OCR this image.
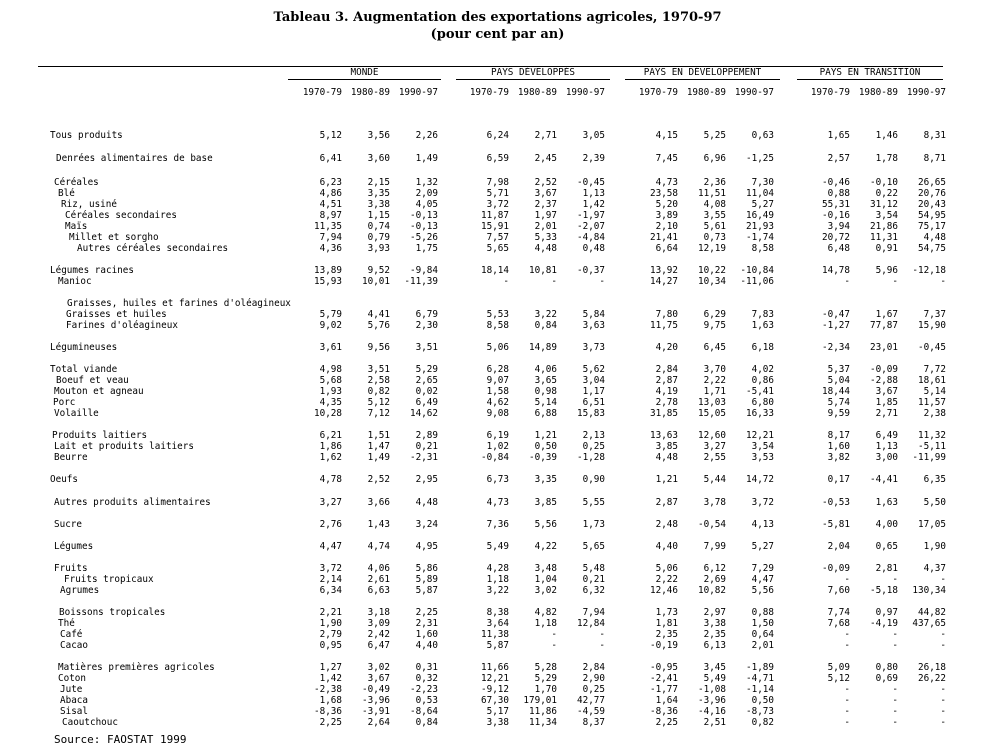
Tableau 3. Augmentation des exportations agricoles, 1970-97
(pour cent par an)
MONDE	PAYS DÉVELOPPÉS	PAYS EN DÉVELOPPEMENT	PAYS EN TRANSITION
1970-79 1980-89 1990-97	1970-79 1980-89 1990-97	1970-79 1980-89 1990-97	1970-79 1980-89 1990-97
Tous produits	5,12	3,56	2,26	6,24	2,71	3,05	4,15	5,25	0,63	1,65	1,46	8,31
Denrées alimentaires de base	6,41	3,60	1,49	6,59	2,45	2,39	7,45	6,96 -1,25	2,57	1,78	8,71
Céréales	6,23	2,15	1,32	7,98	2,52 -0,45	4,73	2,36	7,30	-0,46 -0,10 26,65
Blé	4,86	3,35	2,09	5,71	3,67	1,13	23,58 11,51 11,04	0,88	0,22 20,76
Riz, usiné	4,51	3,38	4,05	3,72	2,37	1,42	5,20	4,08	5,27	55,31 31,12 20,43
Céréales secondaires	8,97	1,15 -0,13	11,87	1,97 -1,97	3,89	3,55 16,49	-0,16	3,54 54,95
Maïs	11,35	0,74 -0,13	15,91	2,01 -2,07	2,10	5,61 21,93	3,94 21,86 75,17
Millet et sorgho	7,94	0,79 -5,26	7,57	5,33 -4,84	21,41	0,73 -1,74	20,72 11,31	4,48
Autres céréales secondaires	4,36	3,93	1,75	5,65	4,48	0,48	6,64 12,19	8,58	6,48	0,91 54,75
Légumes racines	13,89	9,52 -9,84	18,14 10,81 -0,37	13,92 10,22 -10,84	14,78	5,96 -12,18
Manioc	15,93 10,01 -11,39	-	-	-	14,27 10,34 -11,06	-	-	-
Graisses, huiles et farines d'oléagineux
Graisses et huiles	5,79	4,41	6,79	5,53	3,22	5,84	7,80	6,29	7,83	-0,47	1,67	7,37
Farines d'oléagineux	9,02	5,76	2,30	8,58	0,84	3,63	11,75	9,75	1,63	-1,27 77,87 15,90
Légumineuses	3,61	9,56	3,51	5,06 14,89	3,73	4,20	6,45	6,18	-2,34 23,01 -0,45
Total viande	4,98	3,51	5,29	6,28	4,06	5,62	2,84	3,70	4,02	5,37 -0,09	7,72
Boeuf et veau	5,68	2,58	2,65	9,07	3,65	3,04	2,87	2,22	0,86	5,04 -2,88 18,61
Mouton et agneau	1,93	0,82	0,02	1,58	0,98	1,17	4,19	1,71 -5,41	18,44	3,67	5,14
Porc	4,35	5,12	6,49	4,62	5,14	6,51	2,78 13,03	6,80	5,74	1,85 11,57
Volaille	10,28	7,12 14,62	9,08	6,88 15,83	31,85 15,05 16,33	9,59	2,71	2,38
Produits laitiers	6,21	1,51	2,89	6,19	1,21	2,13	13,63 12,60 12,21	8,17	6,49 11,32
Lait et produits laitiers	1,86	1,47	0,21	1,02	0,50	0,25	3,85	3,27	3,54	1,60	1,13 -5,11
Beurre	1,62	1,49 -2,31	-0,84 -0,39 -1,28	4,48	2,55	3,53	3,82	3,00 -11,99
Oeufs	4,78	2,52	2,95	6,73	3,35	0,90	1,21	5,44 14,72	0,17 -4,41	6,35
Autres produits alimentaires	3,27	3,66	4,48	4,73	3,85	5,55	2,87	3,78	3,72	-0,53	1,63	5,50
Sucre	2,76	1,43	3,24	7,36	5,56	1,73	2,48 -0,54	4,13	-5,81	4,00 17,05
Légumes	4,47	4,74	4,95	5,49	4,22	5,65	4,40	7,99	5,27	2,04	0,65	1,90
Fruits	3,72	4,06	5,86	4,28	3,48	5,48	5,06	6,12	7,29	-0,09	2,81	4,37
Fruits tropicaux	2,14	2,61	5,89	1,18	1,04	0,21	2,22	2,69	4,47	-	-	-
Agrumes	6,34	6,63	5,87	3,22	3,02	6,32	12,46 10,82	5,56	7,60 -5,18 130,34
Boissons tropicales	2,21	3,18	2,25	8,38	4,82	7,94	1,73	2,97	0,88	7,74	0,97 44,82
Thé	1,90	3,09	2,31	3,64	1,18 12,84	1,81	3,38	1,50	7,68 -4,19 437,65
Café	2,79	2,42	1,60	11,38	-	-	2,35	2,35	0,64	-	-	-
Cacao	0,95	6,47	4,40	5,87	-	-	-0,19	6,13	2,01	-	-	-
Matières premières agricoles	1,27	3,02	0,31	11,66	5,28	2,84	-0,95	3,45 -1,89	5,09	0,80 26,18
Coton	1,42	3,67	0,32	12,21	5,29	2,90	-2,41	5,49 -4,71	5,12	0,69 26,22
Jute	-2,38 -0,49 -2,23	-9,12	1,70	0,25	-1,77 -1,08 -1,14	-	-	-
Abaca	1,68 -3,96	0,53	67,30 179,01 42,77	1,64 -3,96	0,50	-	-	-
Sisal	-8,36 -3,91 -8,64	5,17 11,86 -4,59	-8,36 -4,16 -8,73	-	-	-
Caoutchouc	2,25	2,64	0,84	3,38 11,34	8,37	2,25	2,51	0,82	-	-	-
Source: FAOSTAT 1999
